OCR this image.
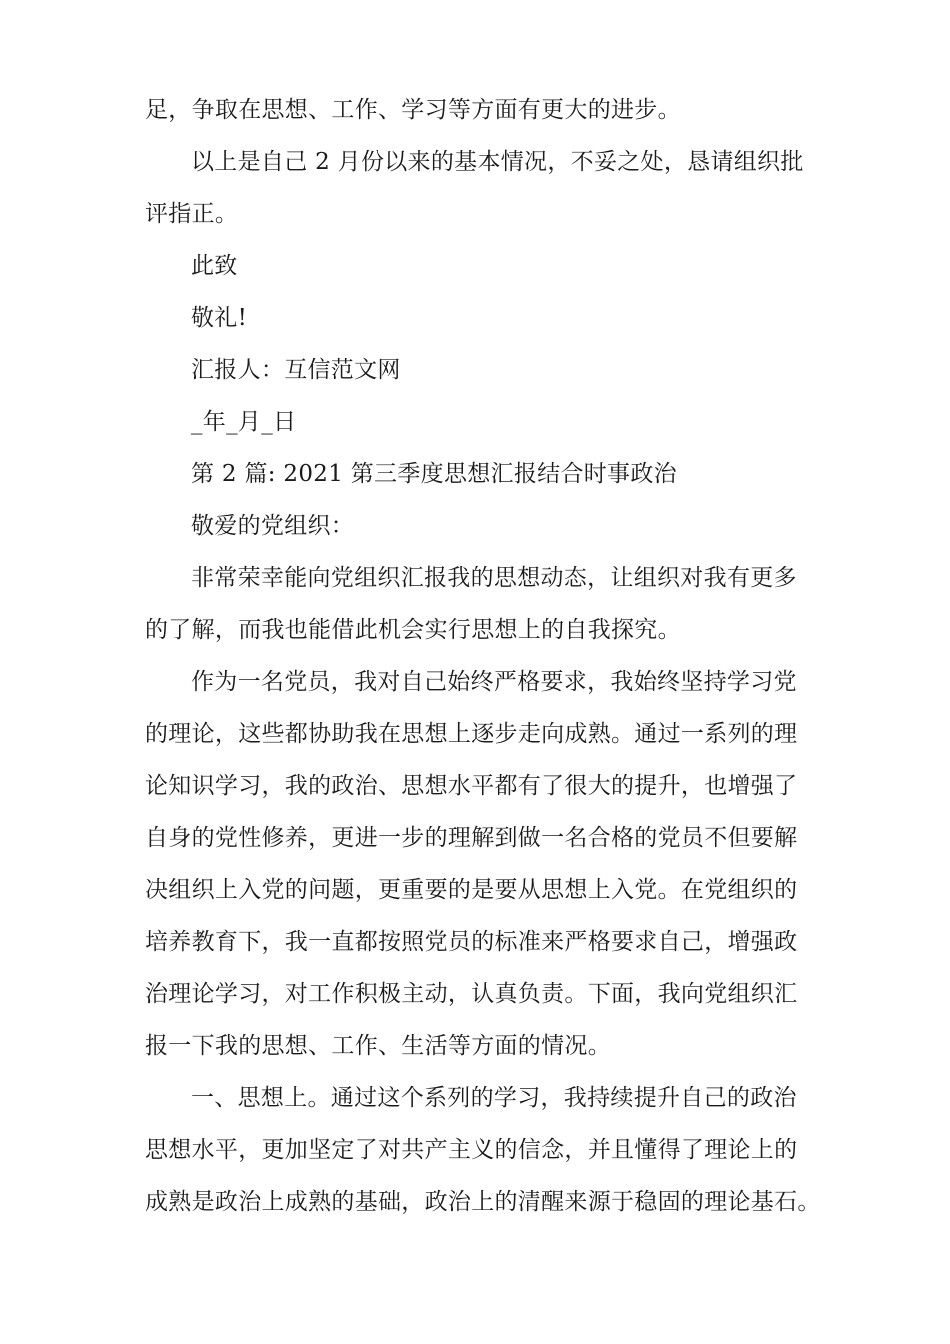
足，争取在思想、工作、学习等方面有更大的进步。
以上是自己 2 月份以来的基本情况，不妥之处，恳请组织批
评指正。
此致
敬礼!
汇报人：互信范文网
_年_月_日
第 2 篇: 2021 第三季度思想汇报结合时事政治
敬爱的党组织：
非常荣幸能向党组织汇报我的思想动态，让组织对我有更多
的了解，而我也能借此机会实行思想上的自我探究。
作为一名党员，我对自己始终严格要求，我始终坚持学习党
的理论，这些都协助我在思想上逐步走向成熟。通过一系列的理
论知识学习，我的政治、思想水平都有了很大的提升，也增强了
自身的党性修养，更进一步的理解到做一名合格的党员不但要解
决组织上入党的问题，更重要的是要从思想上入党。在党组织的
培养教育下，我一直都按照党员的标准来严格要求自己，增强政
治理论学习，对工作积极主动，认真负责。下面，我向党组织汇
报一下我的思想、工作、生活等方面的情况。
一、思想上。通过这个系列的学习，我持续提升自己的政治
思想水平，更加坚定了对共产主义的信念，并且懂得了理论上的
成熟是政治上成熟的基础，政治上的清醒来源于稳固的理论基石。
